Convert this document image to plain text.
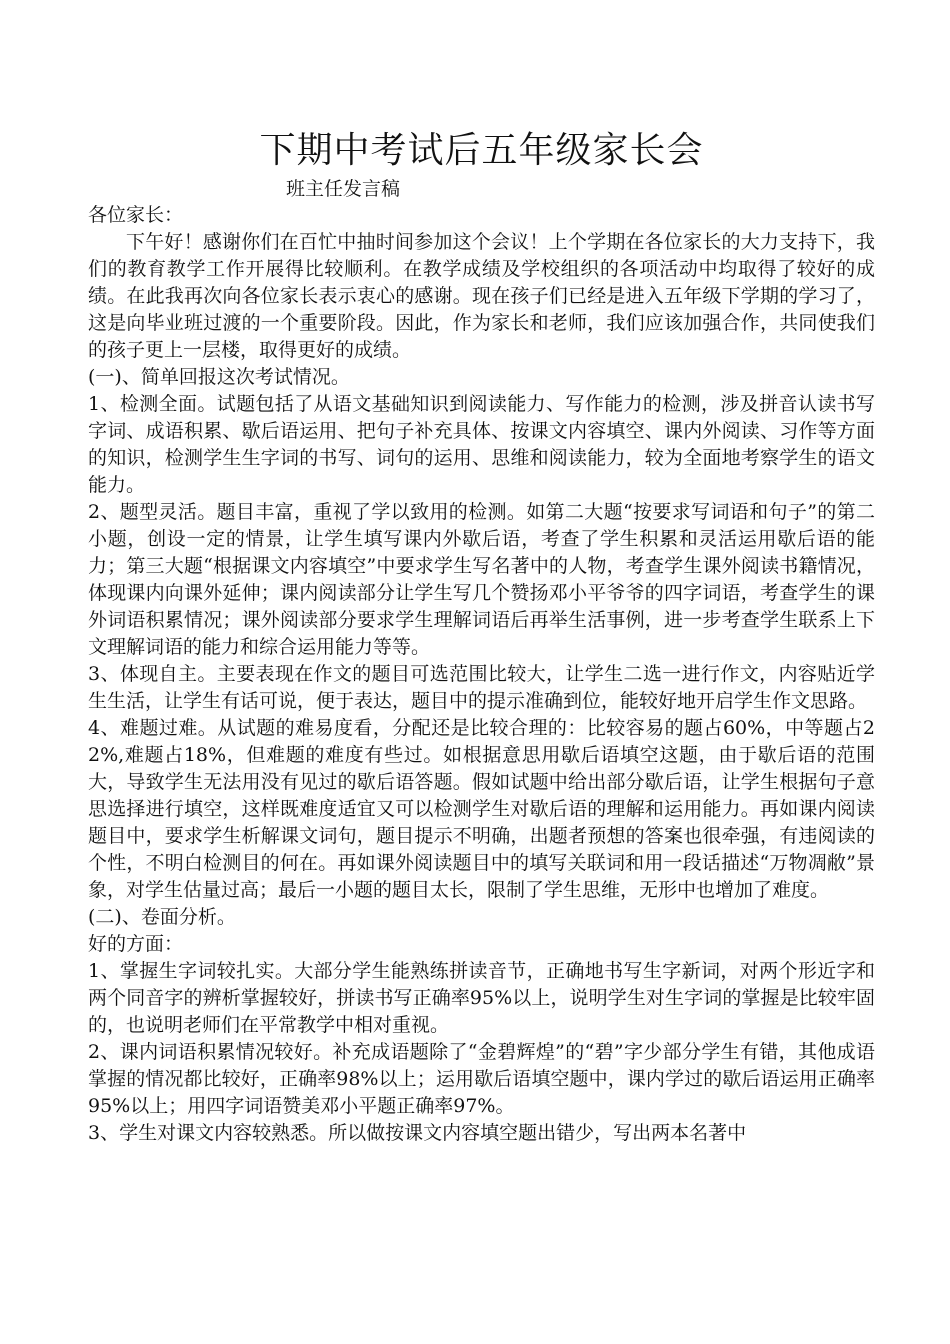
下期中考试后五年级家长会

班主任发言稿

各位家长：

下午好！感谢你们在百忙中抽时间参加这个会议！上个学期在各位家长的大力支持下，我们的教育教学工作开展得比较顺利。在教学成绩及学校组织的各项活动中均取得了较好的成绩。在此我再次向各位家长表示衷心的感谢。现在孩子们已经是进入五年级下学期的学习了，这是向毕业班过渡的一个重要阶段。因此，作为家长和老师，我们应该加强合作，共同使我们的孩子更上一层楼，取得更好的成绩。

(一)、简单回报这次考试情况。

1、检测全面。试题包括了从语文基础知识到阅读能力、写作能力的检测，涉及拼音认读书写字词、成语积累、歇后语运用、把句子补充具体、按课文内容填空、课内外阅读、习作等方面的知识，检测学生生字词的书写、词句的运用、思维和阅读能力，较为全面地考察学生的语文能力。

2、题型灵活。题目丰富，重视了学以致用的检测。如第二大题“按要求写词语和句子”的第二小题，创设一定的情景，让学生填写课内外歇后语，考查了学生积累和灵活运用歇后语的能力；第三大题“根据课文内容填空”中要求学生写名著中的人物，考查学生课外阅读书籍情况，体现课内向课外延伸；课内阅读部分让学生写几个赞扬邓小平爷爷的四字词语，考查学生的课外词语积累情况；课外阅读部分要求学生理解词语后再举生活事例，进一步考查学生联系上下文理解词语的能力和综合运用能力等等。

3、体现自主。主要表现在作文的题目可选范围比较大，让学生二选一进行作文，内容贴近学生生活，让学生有话可说，便于表达，题目中的提示准确到位，能较好地开启学生作文思路。

4、难题过难。从试题的难易度看，分配还是比较合理的：比较容易的题占60%，中等题占22%,难题占18%，但难题的难度有些过。如根据意思用歇后语填空这题，由于歇后语的范围大，导致学生无法用没有见过的歇后语答题。假如试题中给出部分歇后语，让学生根据句子意思选择进行填空，这样既难度适宜又可以检测学生对歇后语的理解和运用能力。再如课内阅读题目中，要求学生析解课文词句，题目提示不明确，出题者预想的答案也很牵强，有违阅读的个性，不明白检测目的何在。再如课外阅读题目中的填写关联词和用一段话描述“万物凋敝”景象，对学生估量过高；最后一小题的题目太长，限制了学生思维，无形中也增加了难度。

(二)、卷面分析。

好的方面：

1、掌握生字词较扎实。大部分学生能熟练拼读音节，正确地书写生字新词，对两个形近字和两个同音字的辨析掌握较好，拼读书写正确率95%以上，说明学生对生字词的掌握是比较牢固的，也说明老师们在平常教学中相对重视。

2、课内词语积累情况较好。补充成语题除了“金碧辉煌”的“碧”字少部分学生有错，其他成语掌握的情况都比较好，正确率98%以上；运用歇后语填空题中，课内学过的歇后语运用正确率95%以上；用四字词语赞美邓小平题正确率97%。

3、学生对课文内容较熟悉。所以做按课文内容填空题出错少，写出两本名著中
